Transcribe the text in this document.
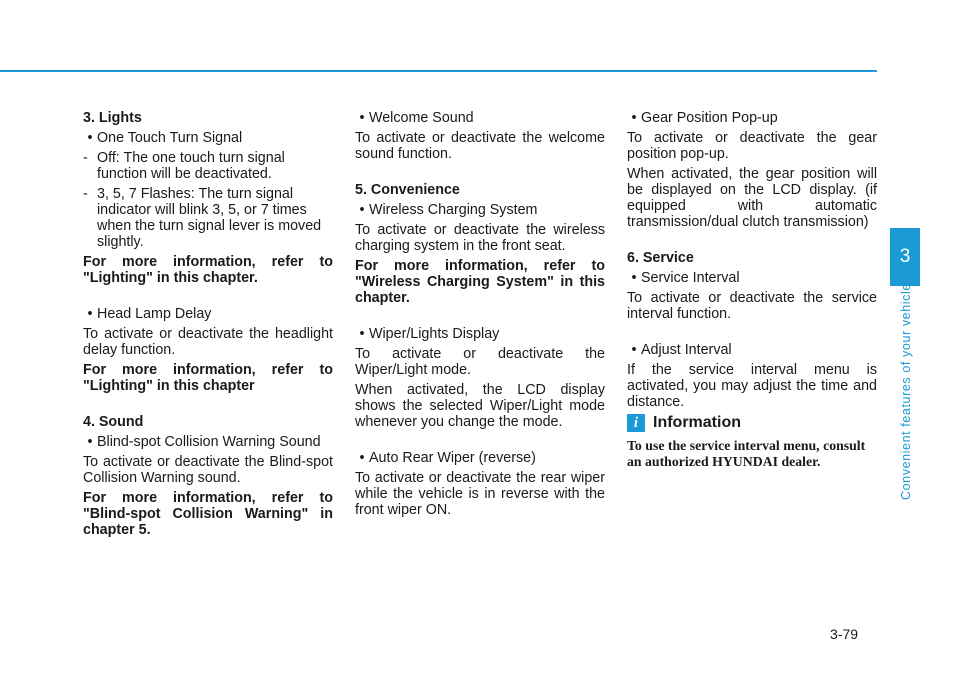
3. Lights
• One Touch Turn Signal
- Off: The one touch turn signal function will be deactivated.
- 3, 5, 7 Flashes: The turn signal indicator will blink 3, 5, or 7 times when the turn signal lever is moved slightly.
For more information, refer to "Lighting" in this chapter.
• Head Lamp Delay
To activate or deactivate the headlight delay function.
For more information, refer to "Lighting" in this chapter
4. Sound
• Blind-spot Collision Warning Sound
To activate or deactivate the Blind-spot Collision Warning sound.
For more information, refer to "Blind-spot Collision Warning" in chapter 5.
• Welcome Sound
To activate or deactivate the welcome sound function.
5. Convenience
• Wireless Charging System
To activate or deactivate the wireless charging system in the front seat.
For more information, refer to "Wireless Charging System" in this chapter.
• Wiper/Lights Display
To activate or deactivate the Wiper/Light mode.
When activated, the LCD display shows the selected Wiper/Light mode whenever you change the mode.
• Auto Rear Wiper (reverse)
To activate or deactivate the rear wiper while the vehicle is in reverse with the front wiper ON.
• Gear Position Pop-up
To activate or deactivate the gear position pop-up.
When activated, the gear position will be displayed on the LCD display. (if equipped with automatic transmission/dual clutch transmission)
6. Service
• Service Interval
To activate or deactivate the service interval function.
• Adjust Interval
If the service interval menu is activated, you may adjust the time and distance.
i Information

To use the service interval menu, consult an authorized HYUNDAI dealer.

3
Convenient features of your vehicle
3-79
